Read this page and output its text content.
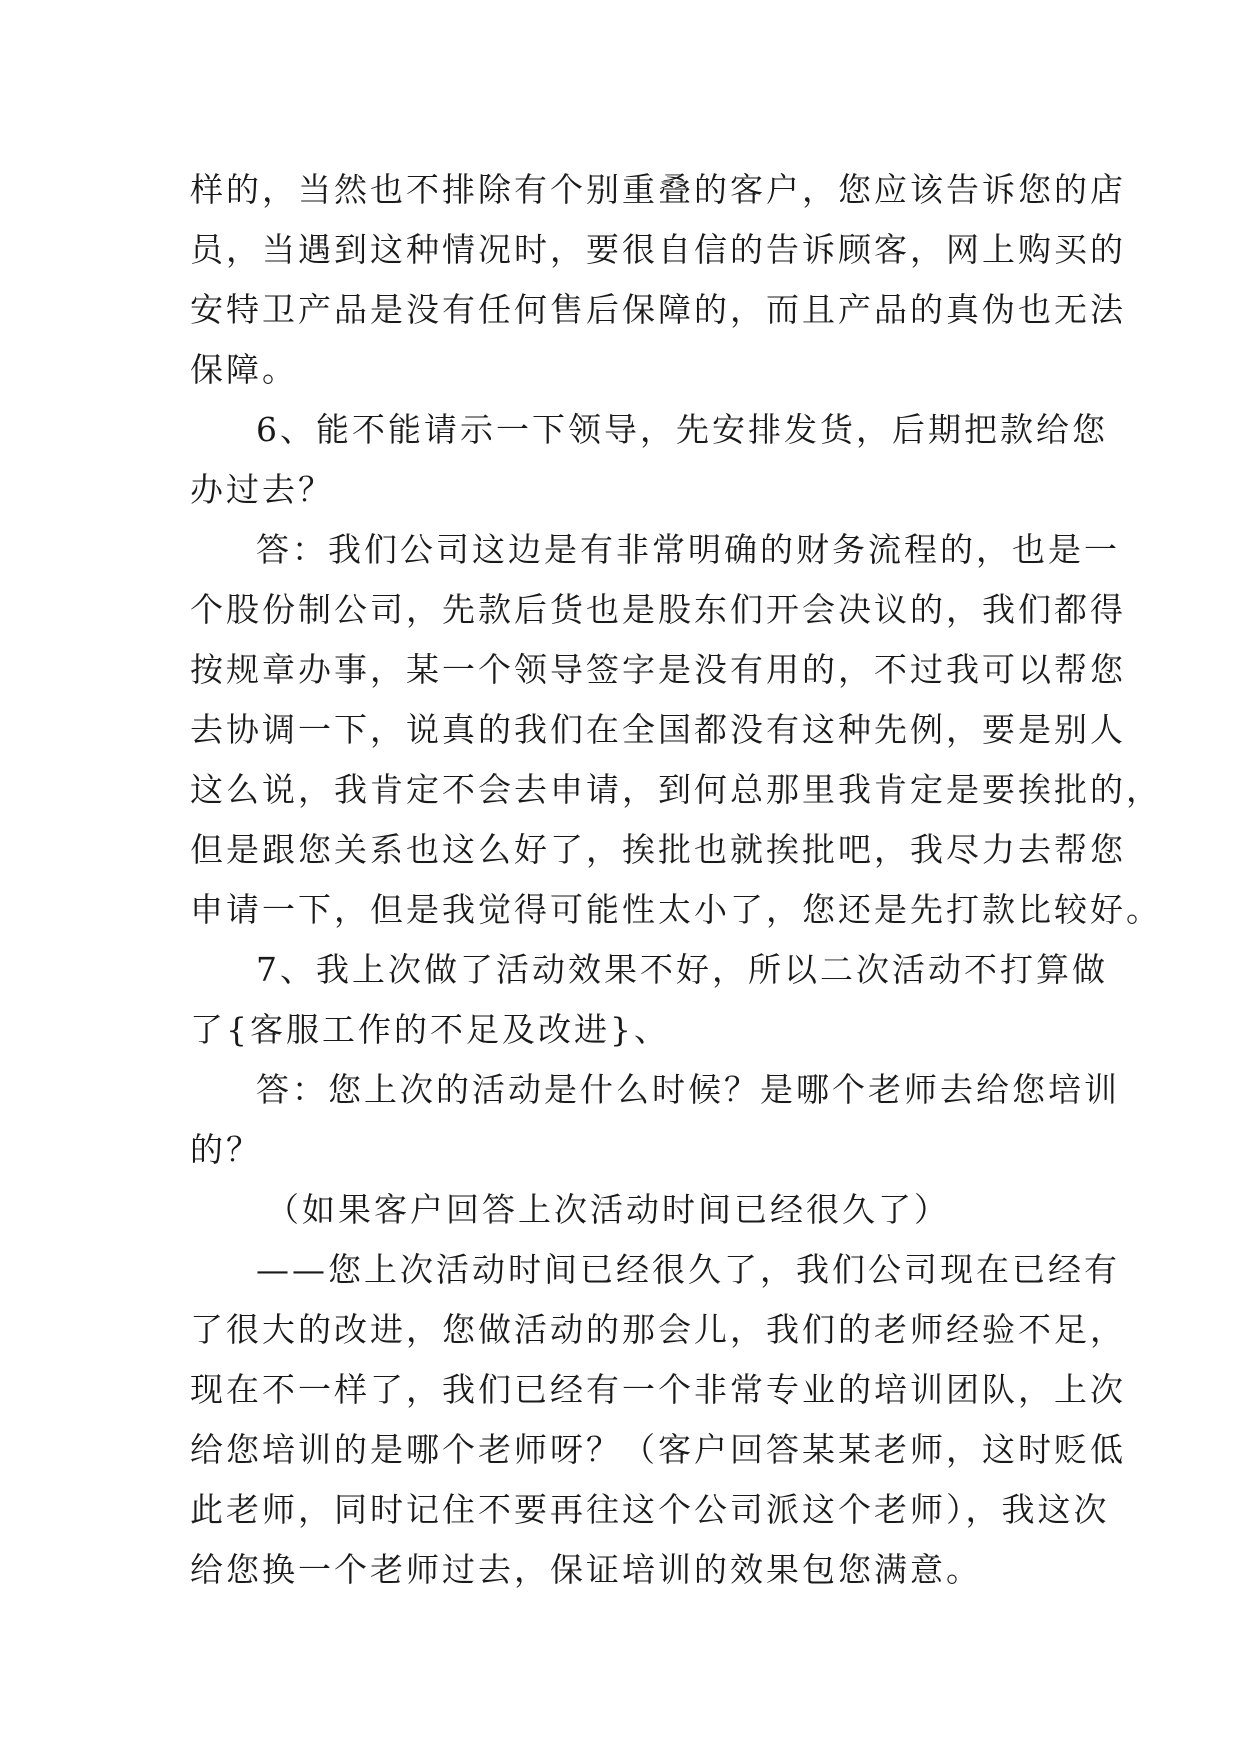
样的，当然也不排除有个别重叠的客户，您应该告诉您的店
员，当遇到这种情况时，要很自信的告诉顾客，网上购买的
安特卫产品是没有任何售后保障的，而且产品的真伪也无法
保障。
6、能不能请示一下领导，先安排发货，后期把款给您
办过去？
答：我们公司这边是有非常明确的财务流程的，也是一
个股份制公司，先款后货也是股东们开会决议的，我们都得
按规章办事，某一个领导签字是没有用的，不过我可以帮您
去协调一下，说真的我们在全国都没有这种先例，要是别人
这么说，我肯定不会去申请，到何总那里我肯定是要挨批的，
但是跟您关系也这么好了，挨批也就挨批吧，我尽力去帮您
申请一下，但是我觉得可能性太小了，您还是先打款比较好。
7、我上次做了活动效果不好，所以二次活动不打算做
了{客服工作的不足及改进}、
答：您上次的活动是什么时候？是哪个老师去给您培训
的？
（如果客户回答上次活动时间已经很久了）
——您上次活动时间已经很久了，我们公司现在已经有
了很大的改进，您做活动的那会儿，我们的老师经验不足，
现在不一样了，我们已经有一个非常专业的培训团队，上次
给您培训的是哪个老师呀？（客户回答某某老师，这时贬低
此老师，同时记住不要再往这个公司派这个老师），我这次
给您换一个老师过去，保证培训的效果包您满意。
